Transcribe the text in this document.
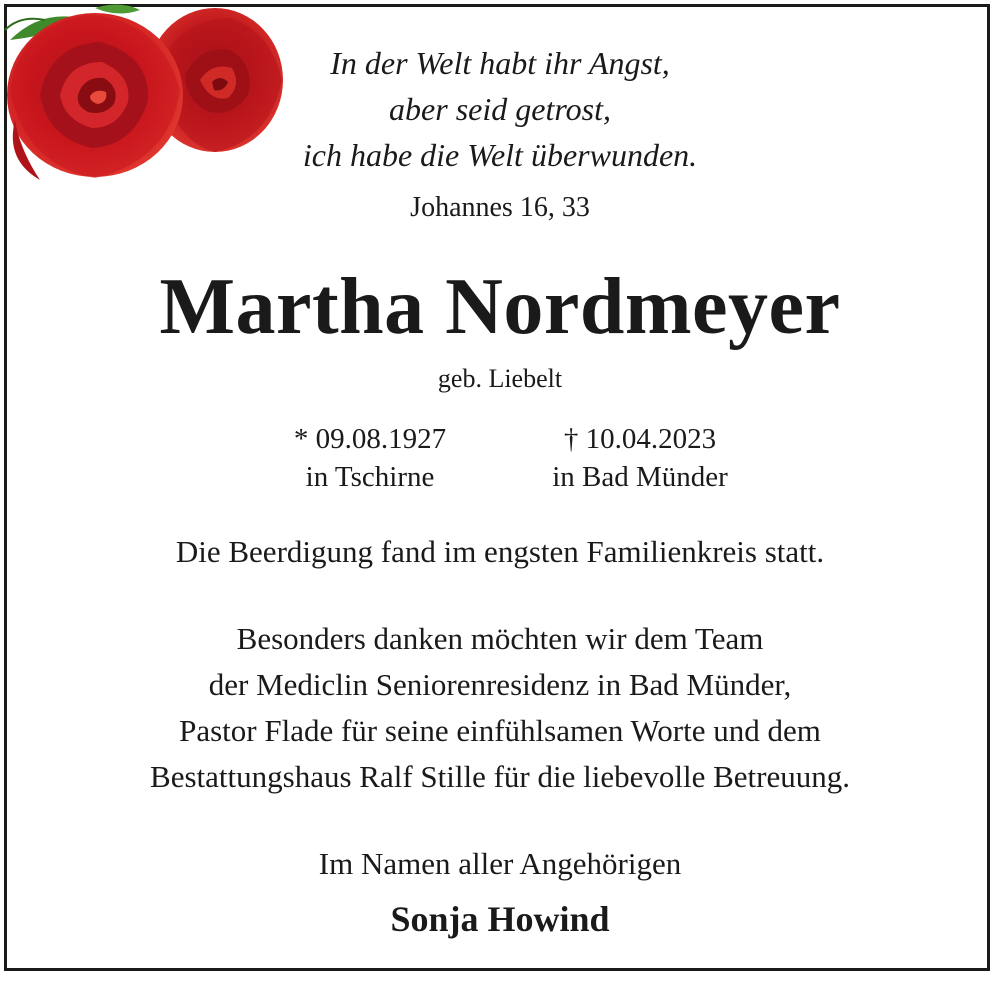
In der Welt habt ihr Angst,
aber seid getrost,
ich habe die Welt überwunden.
Johannes 16, 33
Martha Nordmeyer
geb. Liebelt
* 09.08.1927
in Tschirne
† 10.04.2023
in Bad Münder
Die Beerdigung fand im engsten Familienkreis statt.
Besonders danken möchten wir dem Team
der Mediclin Seniorenresidenz in Bad Münder,
Pastor Flade für seine einfühlsamen Worte und dem
Bestattungshaus Ralf Stille für die liebevolle Betreuung.
Im Namen aller Angehörigen
Sonja Howind
